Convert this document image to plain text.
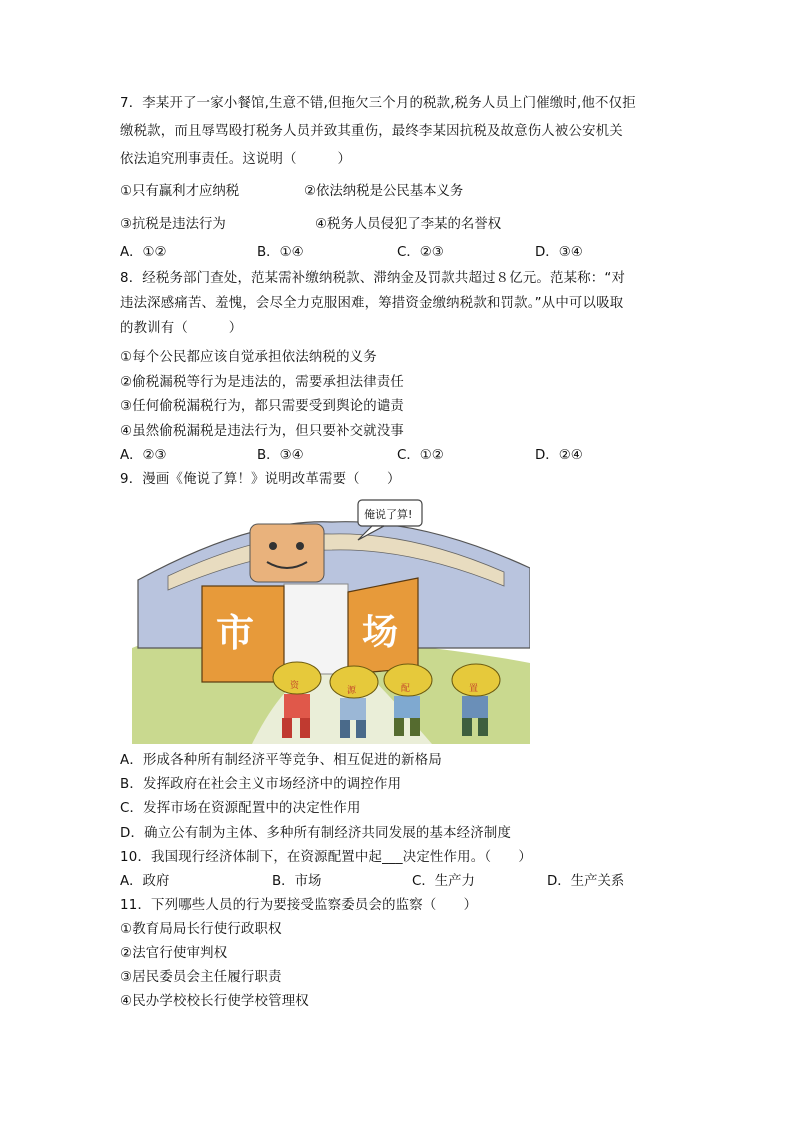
7．李某开了一家小餐馆,生意不错,但拖欠三个月的税款,税务人员上门催缴时,他不仅拒
缴税款，而且辱骂殴打税务人员并致其重伤，最终李某因抗税及故意伤人被公安机关
依法追究刑事责任。这说明（　　　）
①只有赢利才应纳税	②依法纳税是公民基本义务
③抗税是违法行为	④税务人员侵犯了李某的名誉权
A．①②	B．①④	C．②③	D．③④
8．经税务部门查处，范某需补缴纳税款、滞纳金及罚款共超过８亿元。范某称：“对
违法深感痛苦、羞愧，会尽全力克服困难，筹措资金缴纳税款和罚款。”从中可以吸取
的教训有（　　　）
①每个公民都应该自觉承担依法纳税的义务
②偷税漏税等行为是违法的，需要承担法律责任
③任何偷税漏税行为，都只需要受到舆论的谴责
④虽然偷税漏税是违法行为，但只要补交就没事
A．②③	B．③④	C．①②	D．②④
9．漫画《俺说了算！》说明改革需要（　　）
俺说了算!
市	场
资	源	配	置
A．形成各种所有制经济平等竞争、相互促进的新格局
B．发挥政府在社会主义市场经济中的调控作用
C．发挥市场在资源配置中的决定性作用
D．确立公有制为主体、多种所有制经济共同发展的基本经济制度
10．我国现行经济体制下，在资源配置中起___决定性作用。（　　）
A．政府	B．市场	C．生产力	D．生产关系
11．下列哪些人员的行为要接受监察委员会的监察（　　）
①教育局局长行使行政职权
②法官行使审判权
③居民委员会主任履行职责
④民办学校校长行使学校管理权
